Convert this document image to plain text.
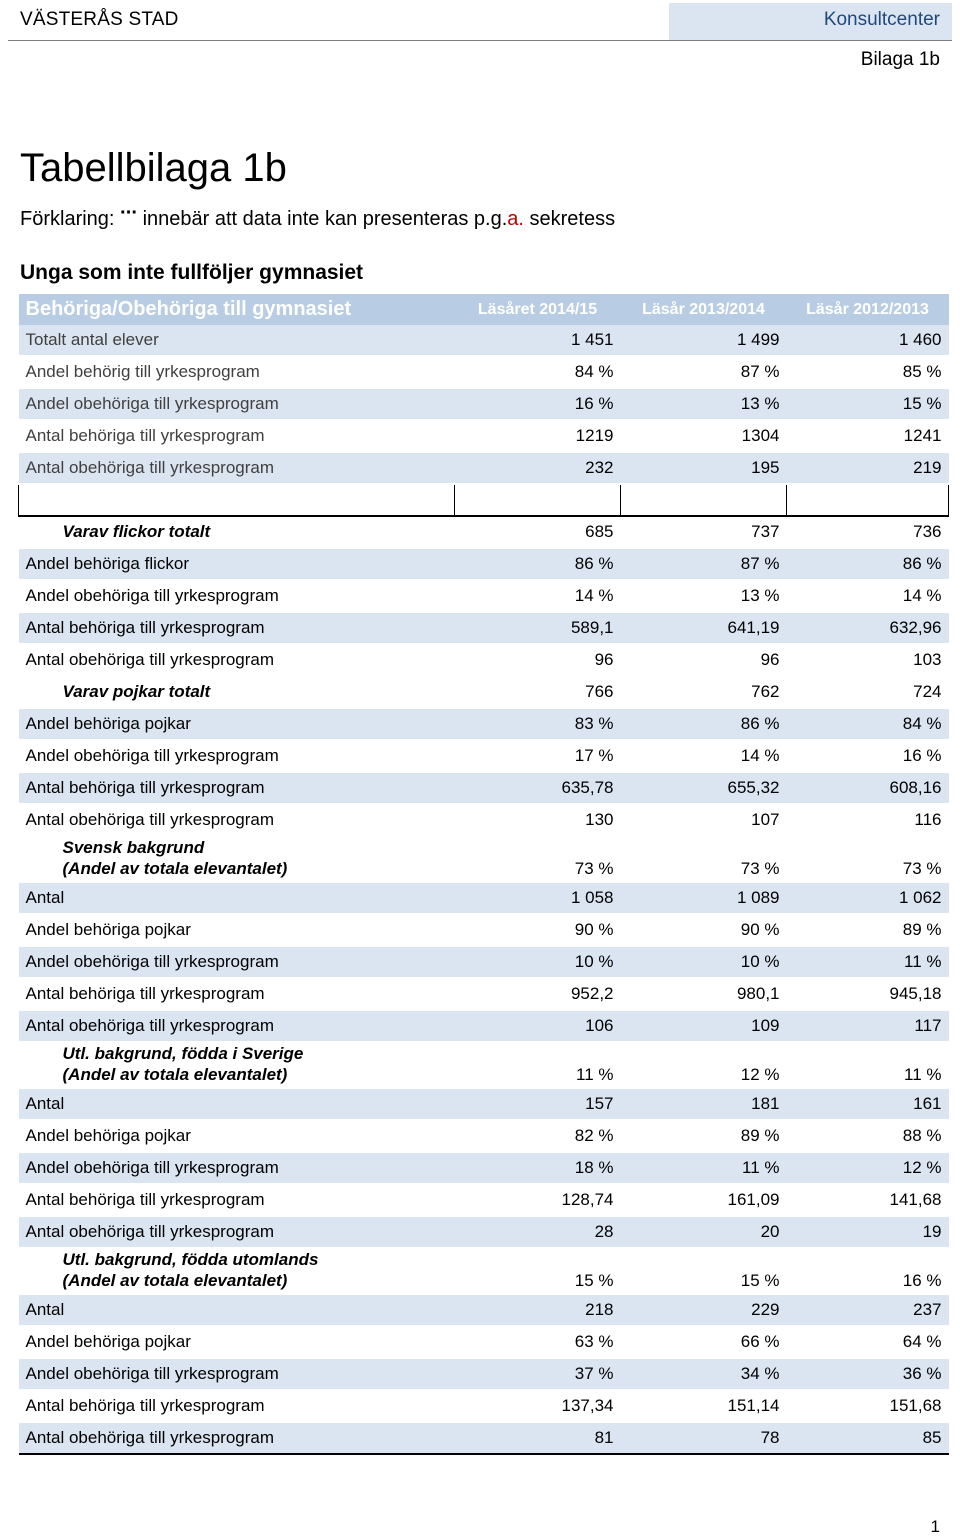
VÄSTERÅS STAD	Konsultcenter
Bilaga 1b
Tabellbilaga 1b
Förklaring: ··· innebär att data inte kan presenteras p.g.a. sekretess
Unga som inte fullföljer gymnasiet
Behöriga/Obehöriga till gymnasiet	Läsåret 2014/15	Läsår 2013/2014	Läsår 2012/2013
Totalt antal elever	1 451	1 499	1 460
Andel behörig till yrkesprogram	84 %	87 %	85 %
Andel obehöriga till yrkesprogram	16 %	13 %	15 %
Antal behöriga till yrkesprogram	1219	1304	1241
Antal obehöriga till yrkesprogram	232	195	219

Varav flickor totalt	685	737	736
Andel behöriga flickor	86 %	87 %	86 %
Andel obehöriga till yrkesprogram	14 %	13 %	14 %
Antal behöriga till yrkesprogram	589,1	641,19	632,96
Antal obehöriga till yrkesprogram	96	96	103
Varav pojkar totalt	766	762	724
Andel behöriga pojkar	83 %	86 %	84 %
Andel obehöriga till yrkesprogram	17 %	14 %	16 %
Antal behöriga till yrkesprogram	635,78	655,32	608,16
Antal obehöriga till yrkesprogram	130	107	116
Svensk bakgrund
(Andel av totala elevantalet)	73 %	73 %	73 %
Antal	1 058	1 089	1 062
Andel behöriga pojkar	90 %	90 %	89 %
Andel obehöriga till yrkesprogram	10 %	10 %	11 %
Antal behöriga till yrkesprogram	952,2	980,1	945,18
Antal obehöriga till yrkesprogram	106	109	117
Utl. bakgrund, födda i Sverige
(Andel av totala elevantalet)	11 %	12 %	11 %
Antal	157	181	161
Andel behöriga pojkar	82 %	89 %	88 %
Andel obehöriga till yrkesprogram	18 %	11 %	12 %
Antal behöriga till yrkesprogram	128,74	161,09	141,68
Antal obehöriga till yrkesprogram	28	20	19
Utl. bakgrund, födda utomlands
(Andel av totala elevantalet)	15 %	15 %	16 %
Antal	218	229	237
Andel behöriga pojkar	63 %	66 %	64 %
Andel obehöriga till yrkesprogram	37 %	34 %	36 %
Antal behöriga till yrkesprogram	137,34	151,14	151,68
Antal obehöriga till yrkesprogram	81	78	85
1
